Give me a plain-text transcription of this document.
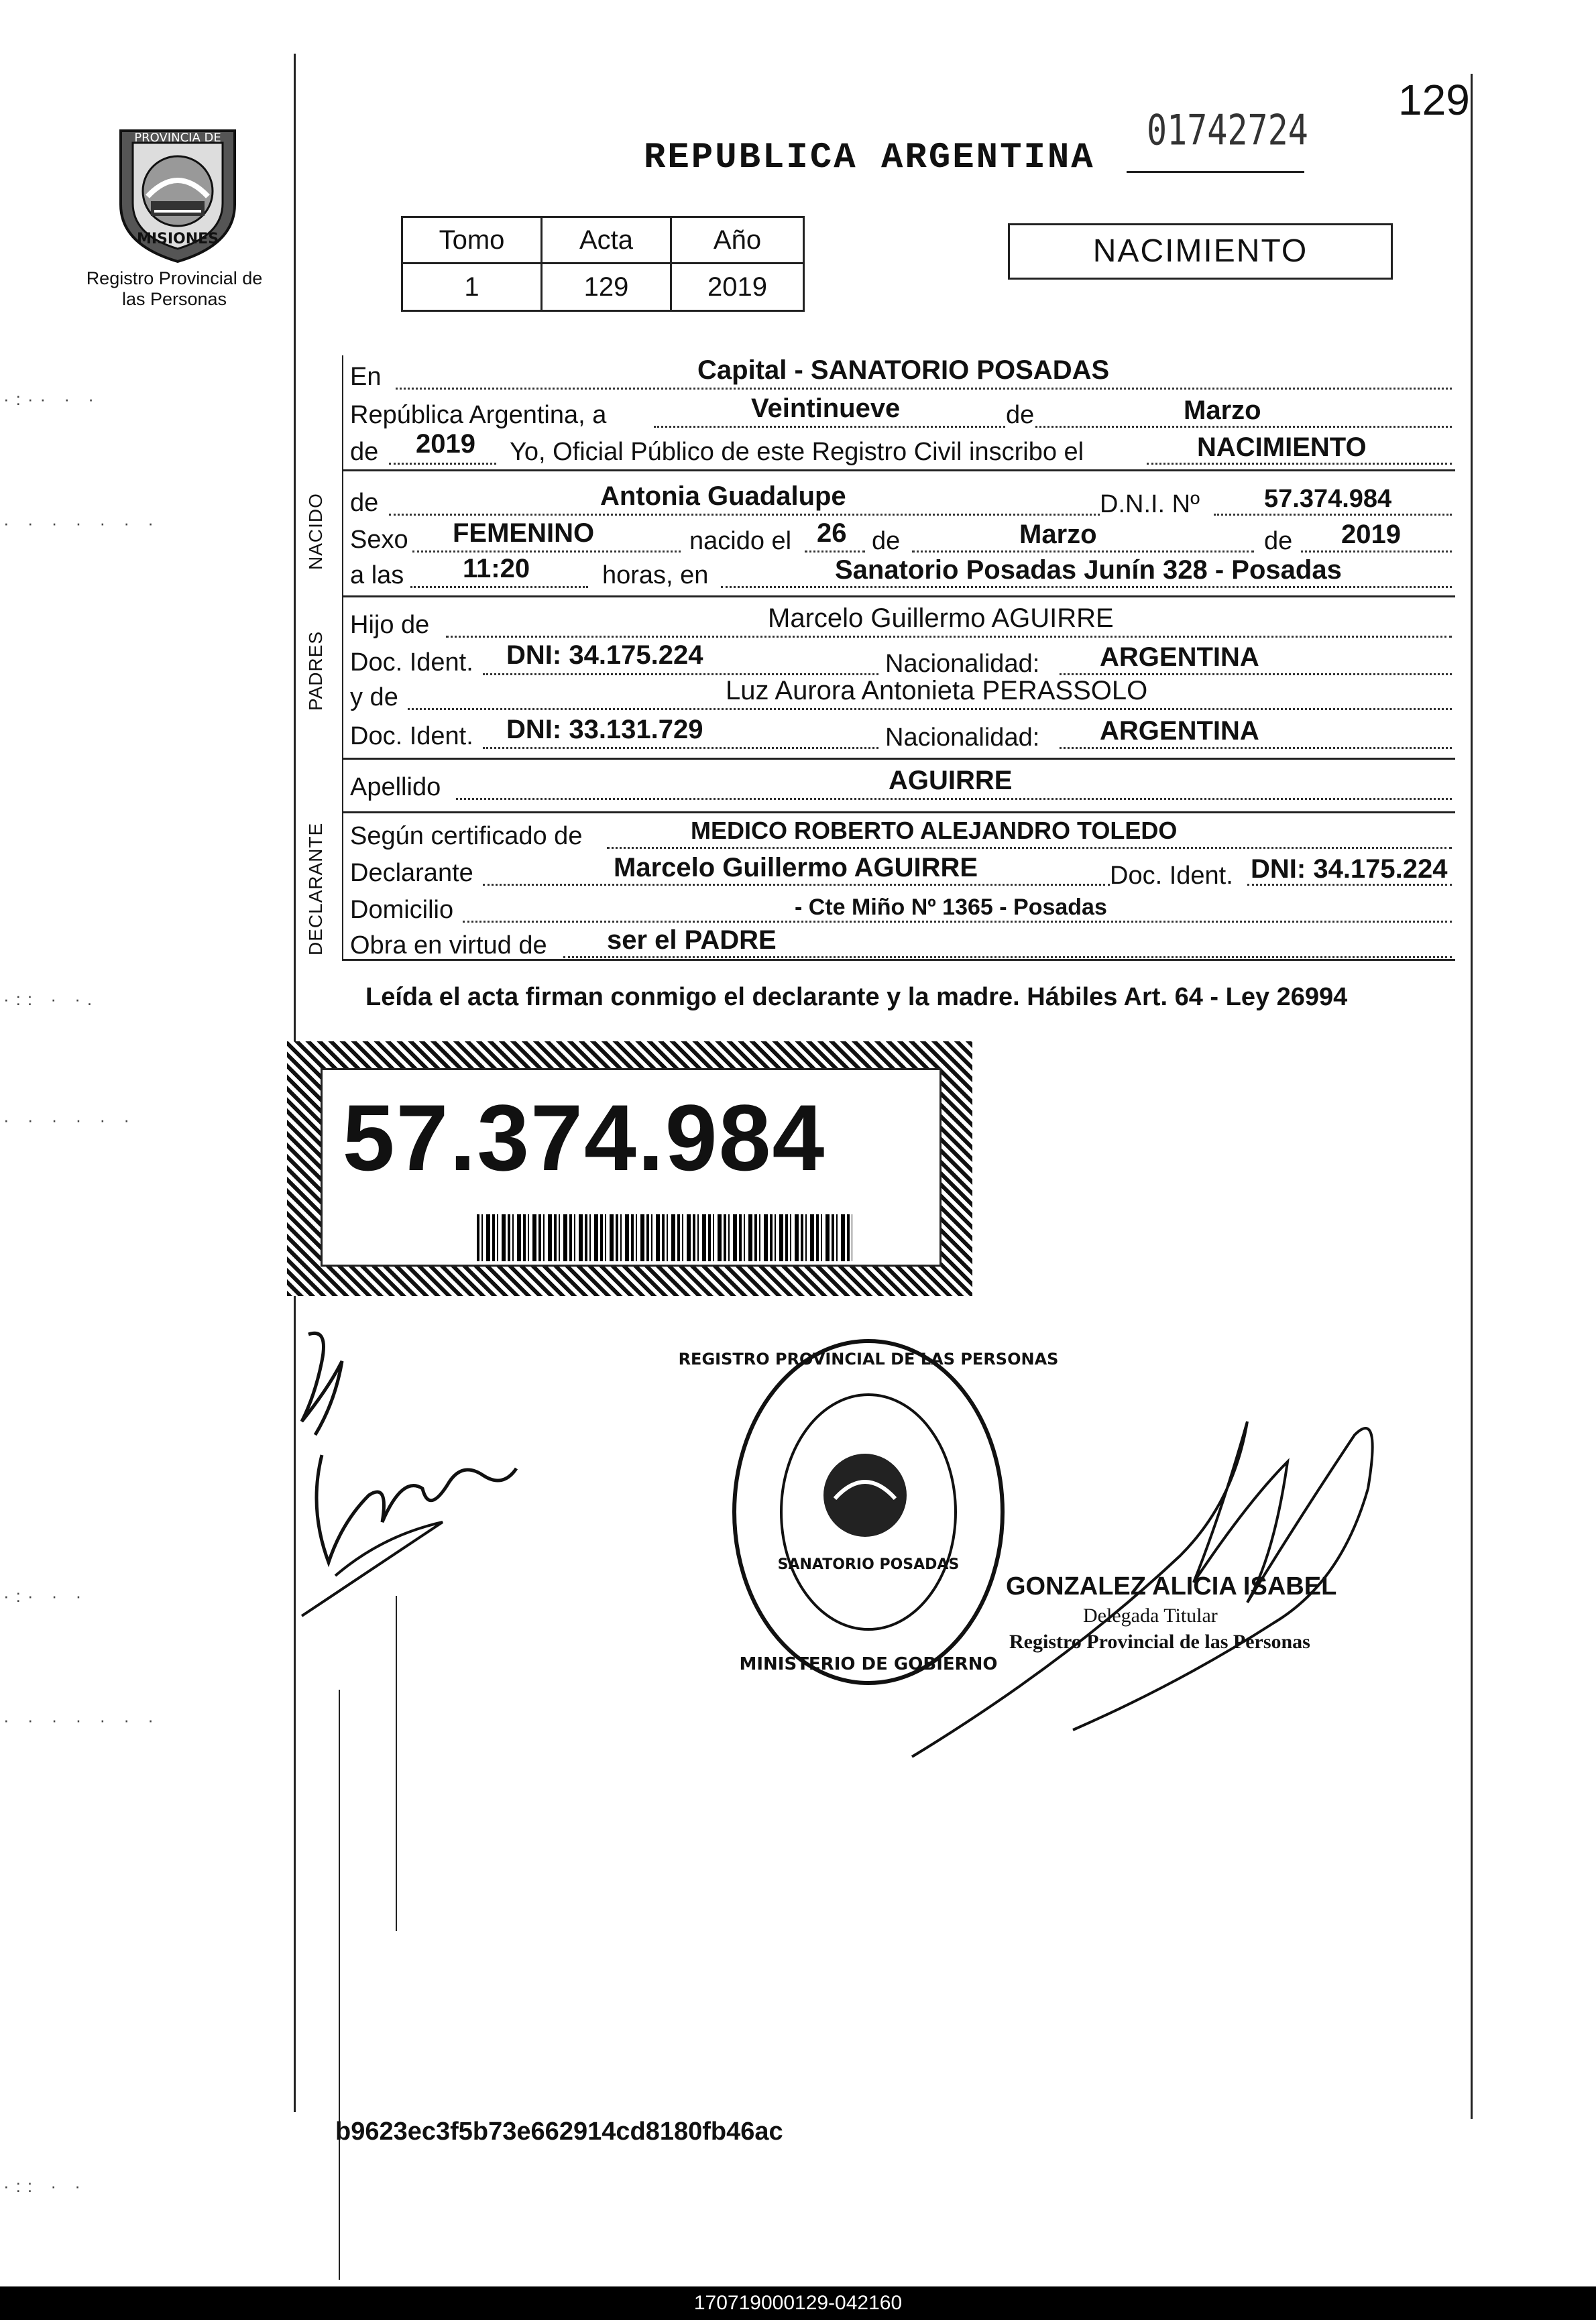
·:·· · ·
· · · · · · ·
·:: · ·.
· · · · · ·
·:· · ·
· · · · · · ·
·:: · ·
PROVINCIA DE
MISIONES
Registro Provincial de las Personas
REPUBLICA ARGENTINA
01742724
129
Tomo	Acta	Año
1	129	2019
NACIMIENTO
NACIDO
PADRES
DECLARANTE
En	Capital - SANATORIO POSADAS
República Argentina, a	Veintinueve	de	Marzo
de 2019 Yo, Oficial Público de este Registro Civil inscribo el	NACIMIENTO
de	Antonia Guadalupe	D.N.I. Nº	57.374.984
Sexo FEMENINO	nacido el 26 de	Marzo	de 2019
a las 11:20	horas, en	Sanatorio Posadas Junín 328 - Posadas
Hijo de	Marcelo Guillermo AGUIRRE
Doc. Ident. DNI: 34.175.224	Nacionalidad: ARGENTINA
y de	Luz Aurora Antonieta PERASSOLO
Doc. Ident. DNI: 33.131.729	Nacionalidad: ARGENTINA
Apellido	AGUIRRE
Según certificado de	MEDICO ROBERTO ALEJANDRO TOLEDO
Declarante	Marcelo Guillermo AGUIRRE	Doc. Ident. DNI: 34.175.224
Domicilio	- Cte Miño Nº 1365 - Posadas
Obra en virtud de ser el PADRE
Leída el acta firman conmigo el declarante y la madre. Hábiles Art. 64 - Ley 26994
57.374.984
SANATORIO POSADAS
REGISTRO PROVINCIAL DE LAS PERSONAS
MINISTERIO DE GOBIERNO
GONZALEZ ALICIA ISABEL
Delegada Titular
Registro Provincial de las Personas
b9623ec3f5b73e662914cd8180fb46ac
170719000129-042160
